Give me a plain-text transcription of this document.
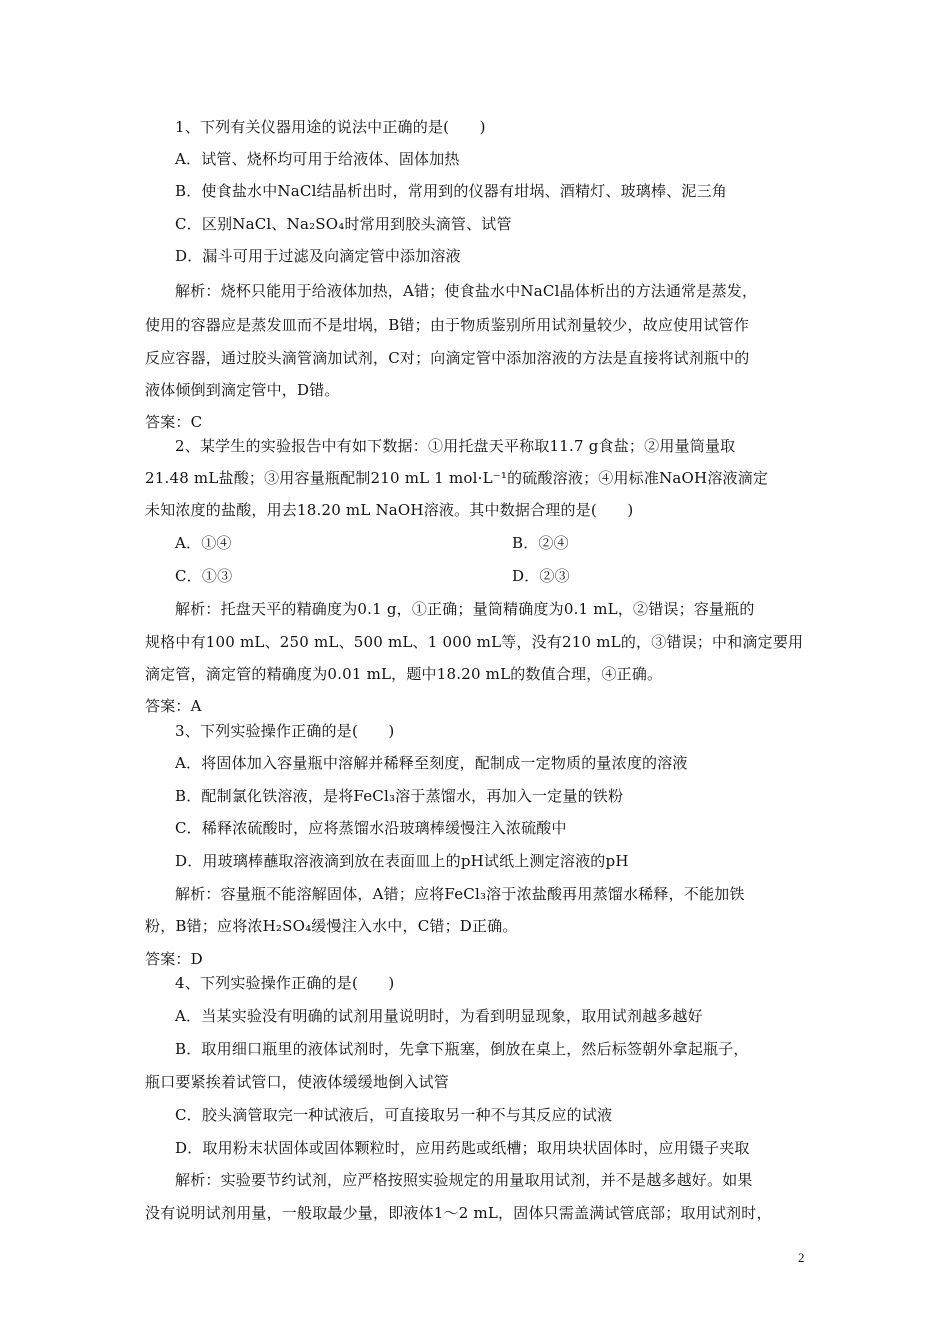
1、下列有关仪器用途的说法中正确的是(　　)
A．试管、烧杯均可用于给液体、固体加热
B．使食盐水中NaCl结晶析出时，常用到的仪器有坩埚、酒精灯、玻璃棒、泥三角
C．区别NaCl、Na₂SO₄时常用到胶头滴管、试管
D．漏斗可用于过滤及向滴定管中添加溶液
解析：烧杯只能用于给液体加热，A错；使食盐水中NaCl晶体析出的方法通常是蒸发，
使用的容器应是蒸发皿而不是坩埚，B错；由于物质鉴别所用试剂量较少，故应使用试管作
反应容器，通过胶头滴管滴加试剂，C对；向滴定管中添加溶液的方法是直接将试剂瓶中的
液体倾倒到滴定管中，D错。
答案：C
2、某学生的实验报告中有如下数据：①用托盘天平称取11.7 g食盐；②用量筒量取
21.48 mL盐酸；③用容量瓶配制210 mL 1 mol·L⁻¹的硫酸溶液；④用标准NaOH溶液滴定
未知浓度的盐酸，用去18.20 mL NaOH溶液。其中数据合理的是(　　)
A．①④	B．②④
C．①③	D．②③
解析：托盘天平的精确度为0.1 g，①正确；量筒精确度为0.1 mL，②错误；容量瓶的
规格中有100 mL、250 mL、500 mL、1 000 mL等，没有210 mL的，③错误；中和滴定要用
滴定管，滴定管的精确度为0.01 mL，题中18.20 mL的数值合理，④正确。
答案：A
3、下列实验操作正确的是(　　)
A．将固体加入容量瓶中溶解并稀释至刻度，配制成一定物质的量浓度的溶液
B．配制氯化铁溶液，是将FeCl₃溶于蒸馏水，再加入一定量的铁粉
C．稀释浓硫酸时，应将蒸馏水沿玻璃棒缓慢注入浓硫酸中
D．用玻璃棒蘸取溶液滴到放在表面皿上的pH试纸上测定溶液的pH
解析：容量瓶不能溶解固体，A错；应将FeCl₃溶于浓盐酸再用蒸馏水稀释，不能加铁
粉，B错；应将浓H₂SO₄缓慢注入水中，C错；D正确。
答案：D
4、下列实验操作正确的是(　　)
A．当某实验没有明确的试剂用量说明时，为看到明显现象，取用试剂越多越好
B．取用细口瓶里的液体试剂时，先拿下瓶塞，倒放在桌上，然后标签朝外拿起瓶子，
瓶口要紧挨着试管口，使液体缓缓地倒入试管
C．胶头滴管取完一种试液后，可直接取另一种不与其反应的试液
D．取用粉末状固体或固体颗粒时，应用药匙或纸槽；取用块状固体时，应用镊子夹取
解析：实验要节约试剂，应严格按照实验规定的用量取用试剂，并不是越多越好。如果
没有说明试剂用量，一般取最少量，即液体1～2 mL，固体只需盖满试管底部；取用试剂时，
2
